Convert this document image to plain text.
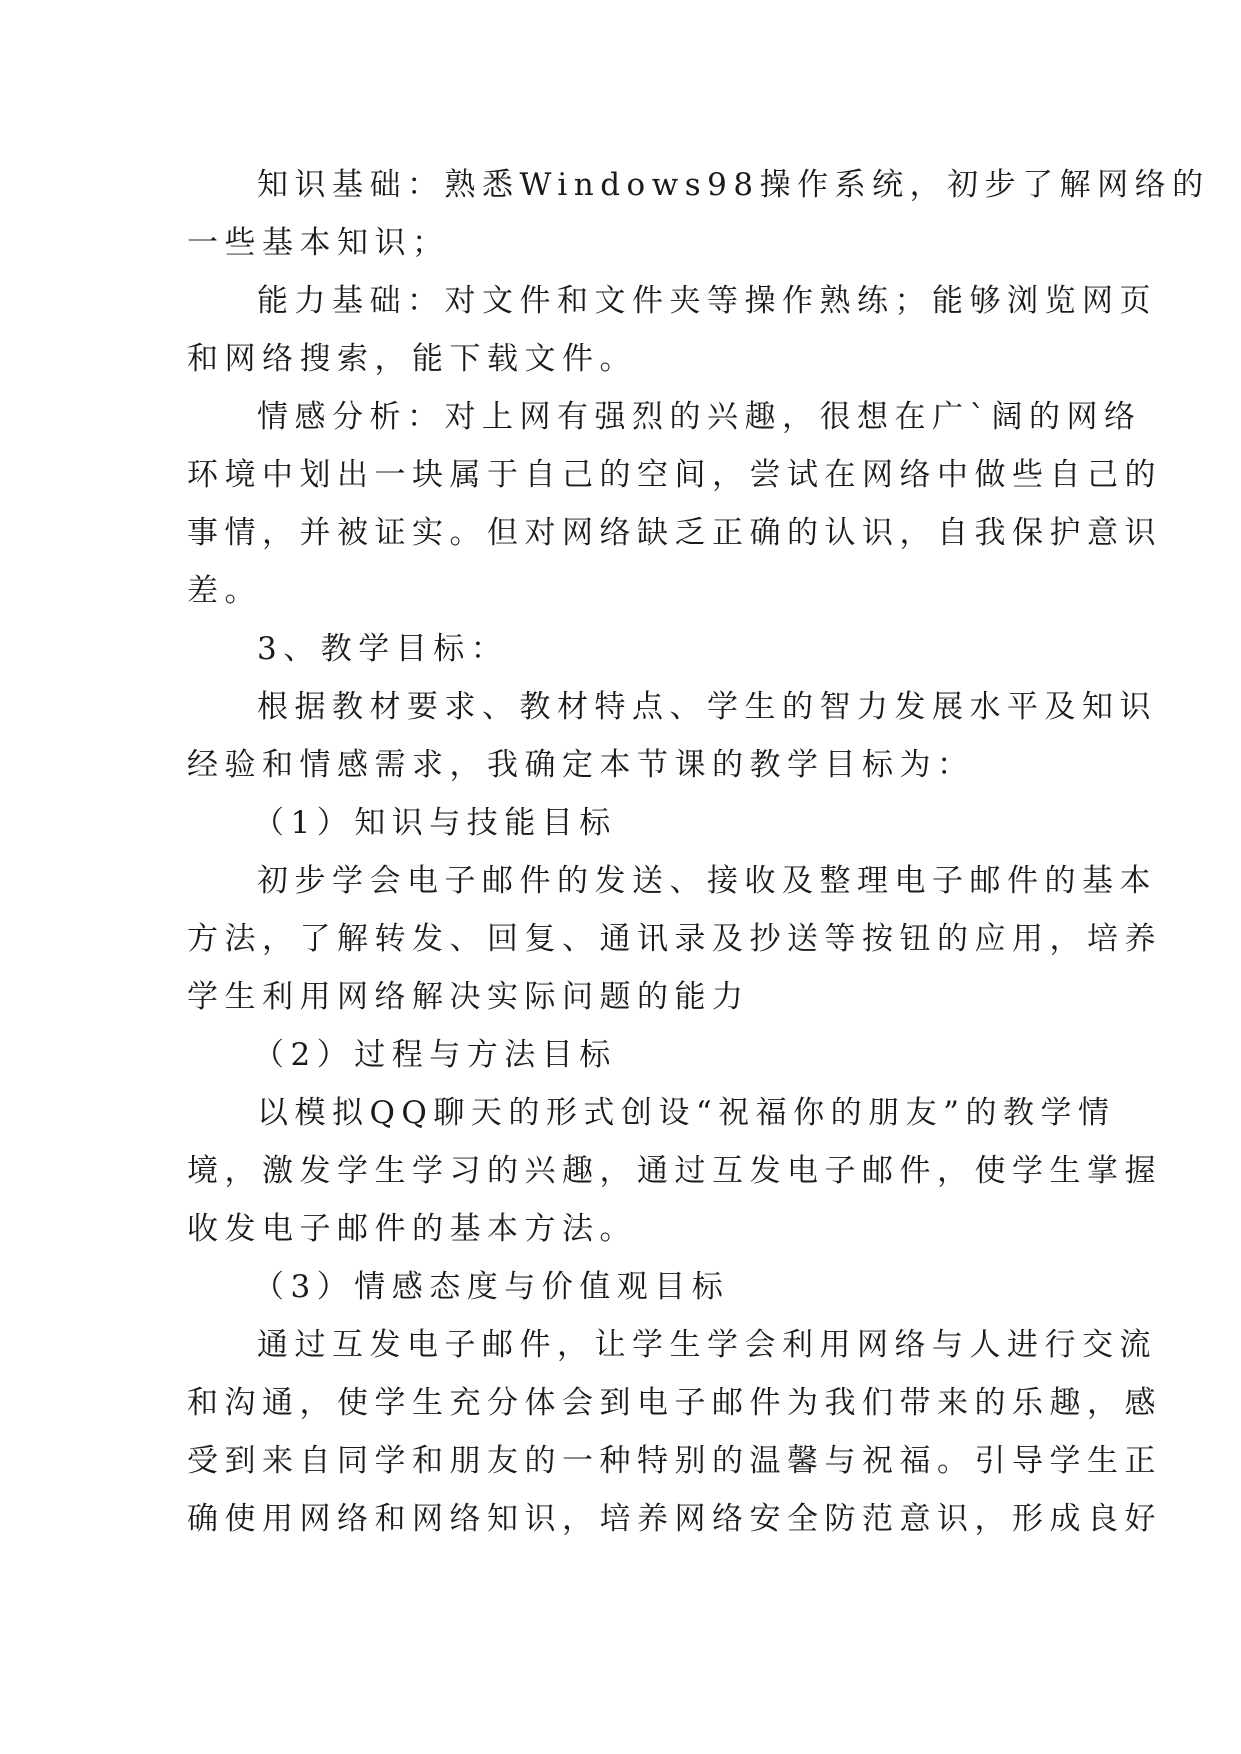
知识基础：熟悉Windows98操作系统，初步了解网络的

一些基本知识；

能力基础：对文件和文件夹等操作熟练；能够浏览网页

和网络搜索，能下载文件。

情感分析：对上网有强烈的兴趣，很想在广`阔的网络

环境中划出一块属于自己的空间，尝试在网络中做些自己的

事情，并被证实。但对网络缺乏正确的认识，自我保护意识

差。

3、教学目标：

根据教材要求、教材特点、学生的智力发展水平及知识

经验和情感需求，我确定本节课的教学目标为：

（1）知识与技能目标

初步学会电子邮件的发送、接收及整理电子邮件的基本

方法，了解转发、回复、通讯录及抄送等按钮的应用，培养

学生利用网络解决实际问题的能力

（2）过程与方法目标

以模拟QQ聊天的形式创设“祝福你的朋友”的教学情

境，激发学生学习的兴趣，通过互发电子邮件，使学生掌握

收发电子邮件的基本方法。

（3）情感态度与价值观目标

通过互发电子邮件，让学生学会利用网络与人进行交流

和沟通，使学生充分体会到电子邮件为我们带来的乐趣，感

受到来自同学和朋友的一种特别的温馨与祝福。引导学生正

确使用网络和网络知识，培养网络安全防范意识，形成良好
